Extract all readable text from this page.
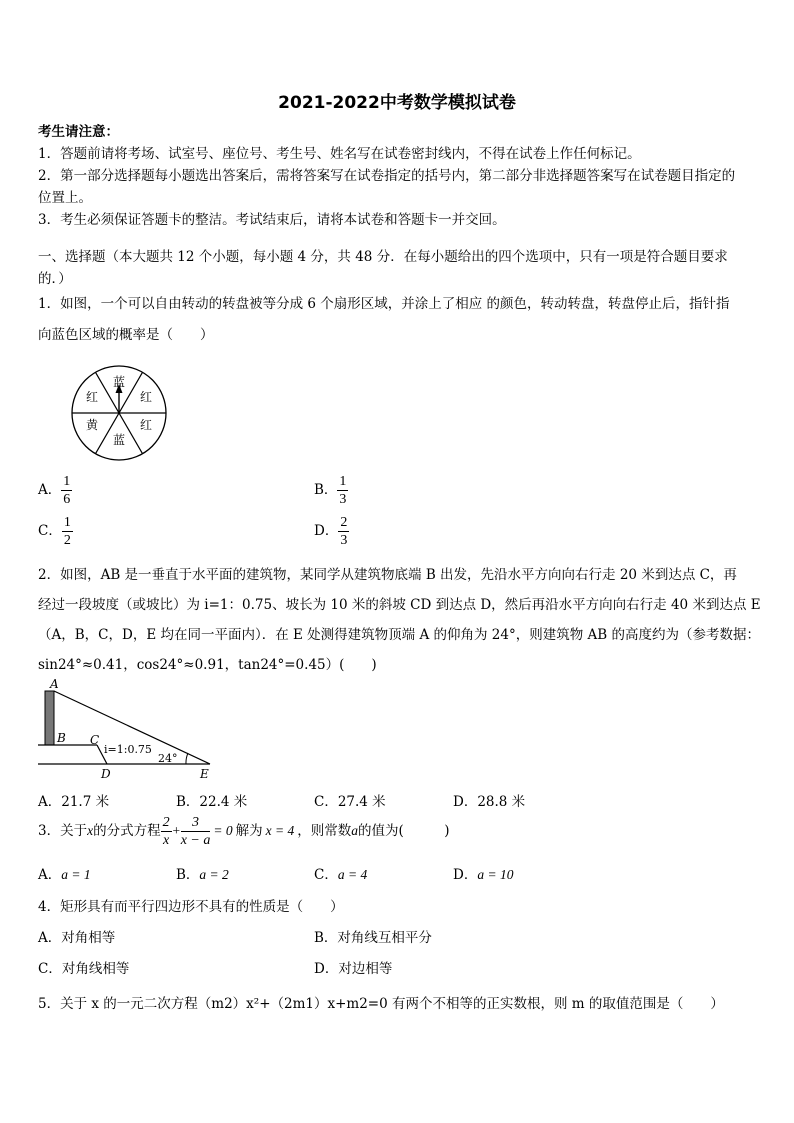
2021-2022中考数学模拟试卷
考生请注意：
1．答题前请将考场、试室号、座位号、考生号、姓名写在试卷密封线内，不得在试卷上作任何标记。
2．第一部分选择题每小题选出答案后，需将答案写在试卷指定的括号内，第二部分非选择题答案写在试卷题目指定的
位置上。
3．考生必须保证答题卡的整洁。考试结束后，请将本试卷和答题卡一并交回。
一、选择题（本大题共 12 个小题，每小题 4 分，共 48 分．在每小题给出的四个选项中，只有一项是符合题目要求
的．）
1．如图，一个可以自由转动的转盘被等分成 6 个扇形区域，并涂上了相应 的颜色，转动转盘，转盘停止后，指针指
向蓝色区域的概率是（　　）
蓝
红
红
蓝
黄
红
A． $\frac{1}{6}$	B． $\frac{1}{3}$
C． $\frac{1}{2}$	D． $\frac{2}{3}$
2．如图，AB 是一垂直于水平面的建筑物，某同学从建筑物底端 B 出发，先沿水平方向向右行走 20 米到达点 C，再
经过一段坡度（或坡比）为 i=1：0.75、坡长为 10 米的斜坡 CD 到达点 D，然后再沿水平方向向右行走 40 米到达点 E
（A，B，C，D，E 均在同一平面内）．在 E 处测得建筑物顶端 A 的仰角为 24°，则建筑物 AB 的高度约为（参考数据：
sin24°≈0.41，cos24°≈0.91，tan24°=0.45）(　　)
A
B C
D	E
i=1:0.75
24°
A．21.7 米	B．22.4 米	C．27.4 米	D．28.8 米
3．关于x的分式方程 $\frac{2}{x} + \frac{3}{x - a} = 0$ 解为 x = 4 ，则常数a的值为(　　　)
A．a = 1	B．a = 2	C．a = 4	D．a = 10
4．矩形具有而平行四边形不具有的性质是（　　）
A．对角相等	B．对角线互相平分
C．对角线相等	D．对边相等
5．关于 x 的一元二次方程（m2）x²+（2m1）x+m2=0 有两个不相等的正实数根，则 m 的取值范围是（　　）
